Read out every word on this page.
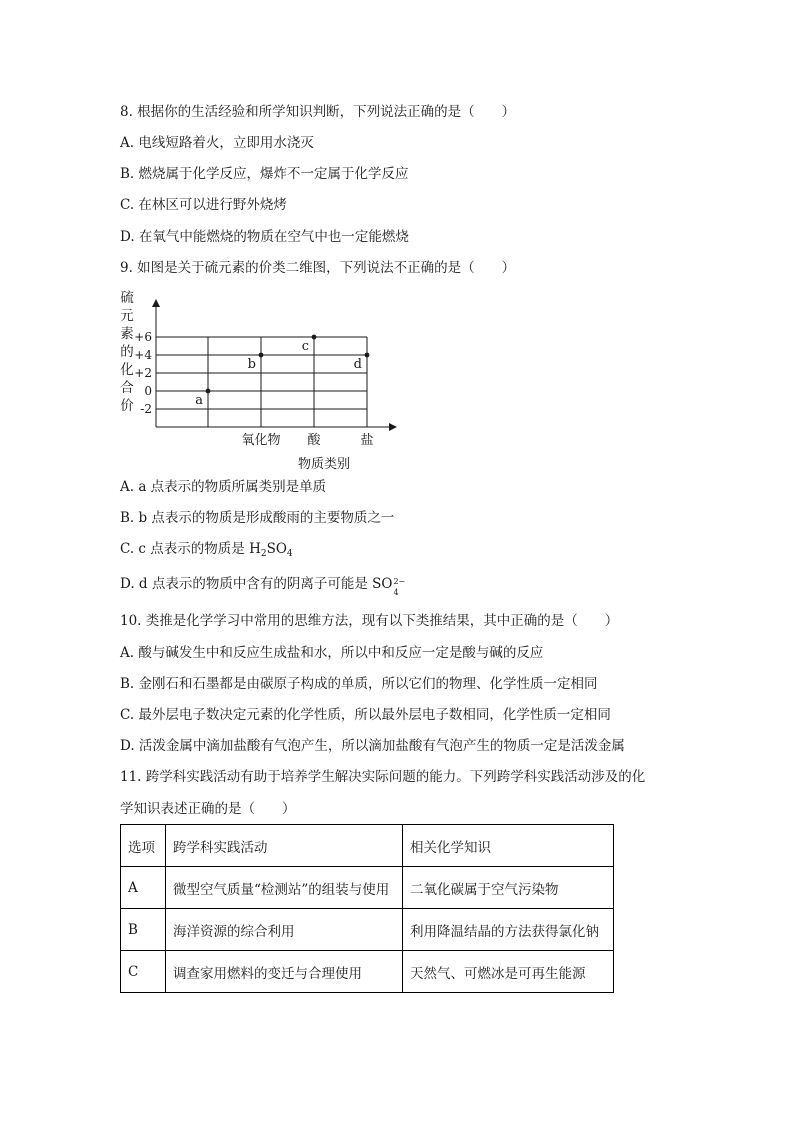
8. 根据你的生活经验和所学知识判断，下列说法正确的是（　　）
A. 电线短路着火，立即用水浇灭
B. 燃烧属于化学反应，爆炸不一定属于化学反应
C. 在林区可以进行野外烧烤
D. 在氧气中能燃烧的物质在空气中也一定能燃烧
9. 如图是关于硫元素的价类二维图，下列说法不正确的是（　　）
硫
元
素
的
化
合
价
+6
+4
+2
0
-2
氧化物 酸	盐
物质类别
a
b
c
d
A. a 点表示的物质所属类别是单质
B. b 点表示的物质是形成酸雨的主要物质之一
C. c 点表示的物质是 $H_2SO_4$
D. d 点表示的物质中含有的阴离子可能是 SO 2−
4
10. 类推是化学学习中常用的思维方法，现有以下类推结果，其中正确的是（　　）
A. 酸与碱发生中和反应生成盐和水，所以中和反应一定是酸与碱的反应
B. 金刚石和石墨都是由碳原子构成的单质，所以它们的物理、化学性质一定相同
C. 最外层电子数决定元素的化学性质，所以最外层电子数相同，化学性质一定相同
D. 活泼金属中滴加盐酸有气泡产生，所以滴加盐酸有气泡产生的物质一定是活泼金属
11. 跨学科实践活动有助于培养学生解决实际问题的能力。下列跨学科实践活动涉及的化
学知识表述正确的是（　　）
选项	跨学科实践活动	相关化学知识
A	微型空气质量“检测站”的组装与使用	二氧化碳属于空气污染物
B	海洋资源的综合利用	利用降温结晶的方法获得氯化钠
C	调查家用燃料的变迁与合理使用	天然气、可燃冰是可再生能源
